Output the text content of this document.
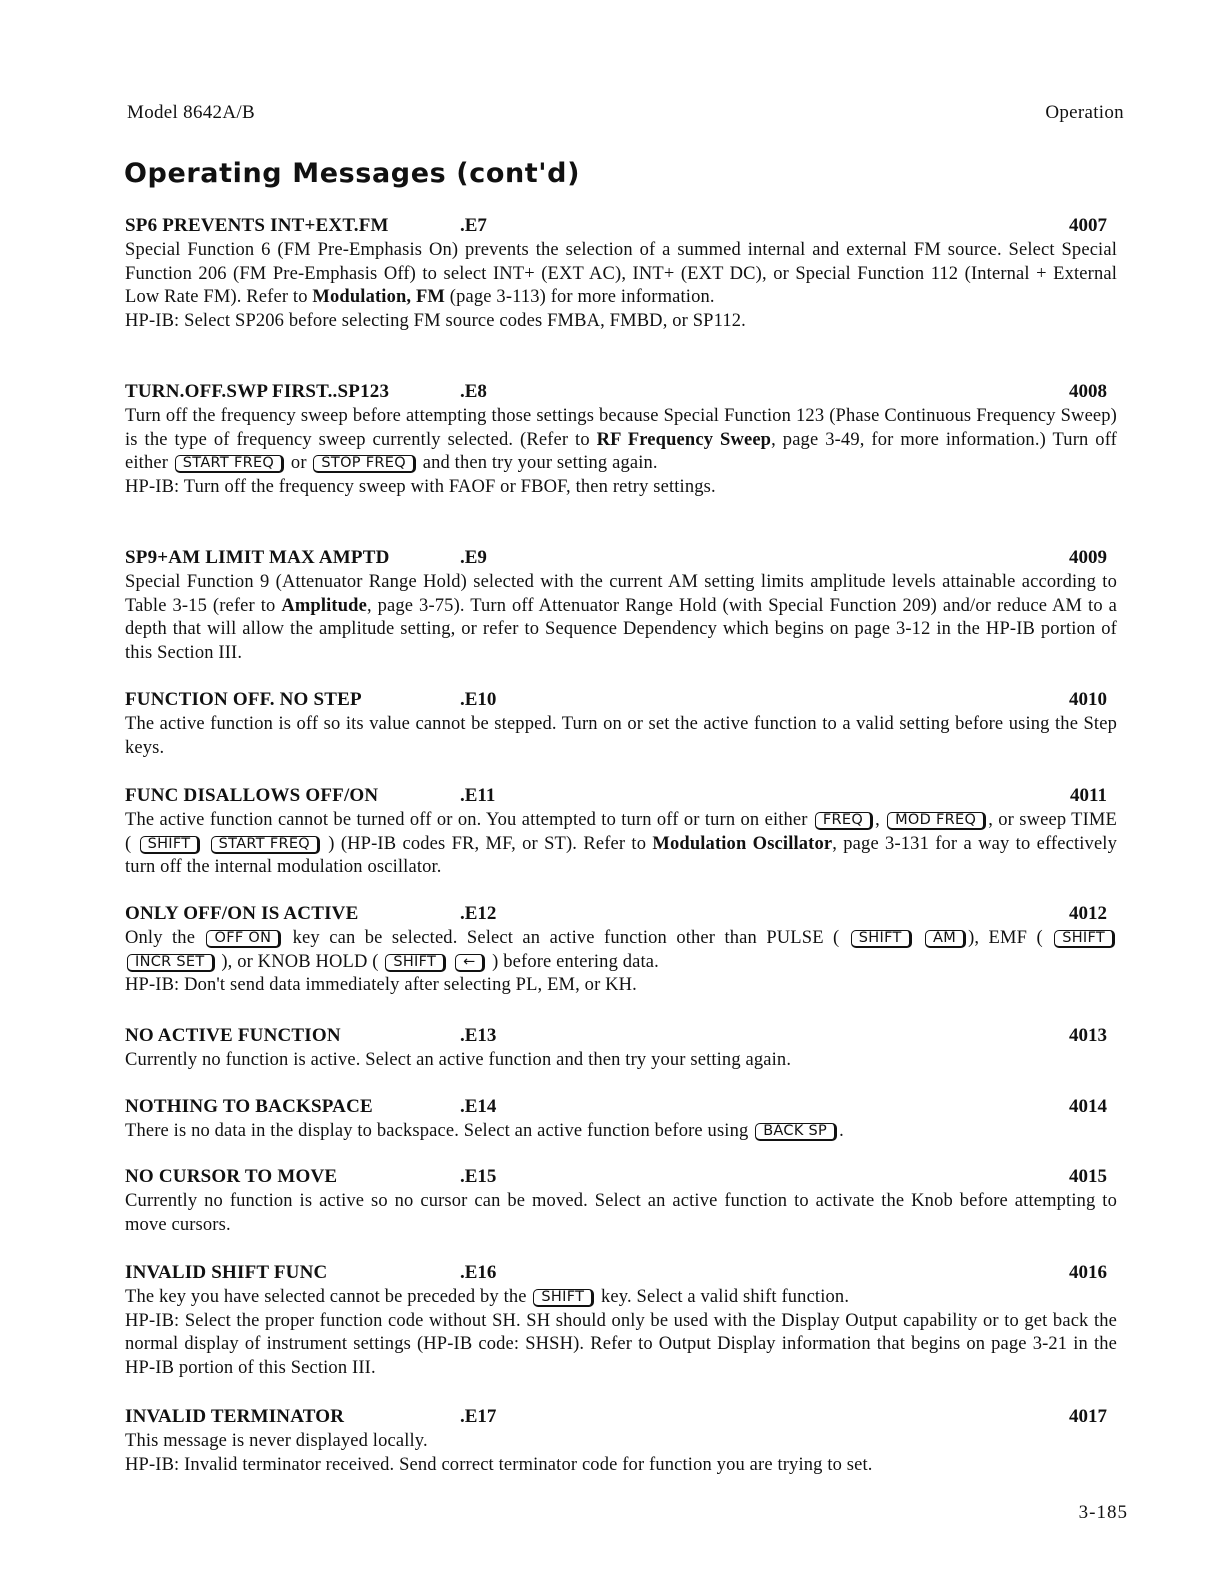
Model 8642A/B	Operation
Operating Messages (cont'd)
SP6 PREVENTS INT+EXT.FM	.E7	4007

Special Function 6 (FM Pre-Emphasis On) prevents the selection of a summed internal and external FM source. Select Special Function 206 (FM Pre-Emphasis Off) to select INT+ (EXT AC), INT+ (EXT DC), or Special Function 112 (Internal + External Low Rate FM). Refer to Modulation, FM (page 3-113) for more information.

HP-IB: Select SP206 before selecting FM source codes FMBA, FMBD, or SP112.

TURN.OFF.SWP FIRST..SP123	.E8	4008

Turn off the frequency sweep before attempting those settings because Special Function 123 (Phase Continuous Frequency Sweep) is the type of frequency sweep currently selected. (Refer to RF Frequency Sweep, page 3-49, for more information.) Turn off either START FREQ or STOP FREQ and then try your setting again.

HP-IB: Turn off the frequency sweep with FAOF or FBOF, then retry settings.

SP9+AM LIMIT MAX AMPTD	.E9	4009

Special Function 9 (Attenuator Range Hold) selected with the current AM setting limits amplitude levels attainable according to Table 3-15 (refer to Amplitude, page 3-75). Turn off Attenuator Range Hold (with Special Function 209) and/or reduce AM to a depth that will allow the amplitude setting, or refer to Sequence Dependency which begins on page 3-12 in the HP-IB portion of this Section III.

FUNCTION OFF. NO STEP	.E10	4010

The active function is off so its value cannot be stepped. Turn on or set the active function to a valid setting before using the Step keys.

FUNC DISALLOWS OFF/ON	.E11	4011

The active function cannot be turned off or on. You attempted to turn off or turn on either FREQ , MOD FREQ , or sweep TIME ( SHIFT START FREQ ) (HP-IB codes FR, MF, or ST). Refer to Modulation Oscillator, page 3-131 for a way to effectively turn off the internal modulation oscillator.

ONLY OFF/ON IS ACTIVE	.E12	4012

Only the OFF ON key can be selected. Select an active function other than PULSE ( SHIFT AM ), EMF ( SHIFT INCR SET ), or KNOB HOLD ( SHIFT ← ) before entering data.

HP-IB: Don't send data immediately after selecting PL, EM, or KH.

NO ACTIVE FUNCTION	.E13	4013

Currently no function is active. Select an active function and then try your setting again.

NOTHING TO BACKSPACE	.E14	4014

There is no data in the display to backspace. Select an active function before using BACK SP .

NO CURSOR TO MOVE	.E15	4015

Currently no function is active so no cursor can be moved. Select an active function to activate the Knob before attempting to move cursors.

INVALID SHIFT FUNC	.E16	4016

The key you have selected cannot be preceded by the SHIFT key. Select a valid shift function.

HP-IB: Select the proper function code without SH. SH should only be used with the Display Output capability or to get back the normal display of instrument settings (HP-IB code: SHSH). Refer to Output Display information that begins on page 3-21 in the HP-IB portion of this Section III.

INVALID TERMINATOR	.E17	4017

This message is never displayed locally.

HP-IB: Invalid terminator received. Send correct terminator code for function you are trying to set.

3-185
